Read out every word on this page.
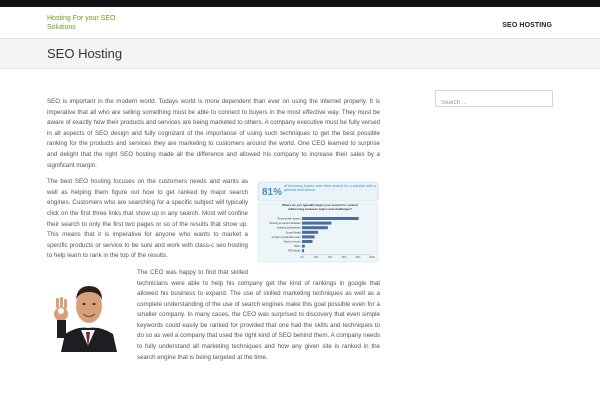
Hosting For your SEO Solutions	SEO HOSTING
SEO Hosting
Search ...

SEO is important in the modern world. Todays world is more dependent than ever on using the internet properly. It is imperative that all who are selling something must be able to connect to buyers in the most effective way. They must be aware of exactly how their products and services are being marketed to others. A company executive must be fully versed in all aspects of SEO design and fully cognizant of the importance of using such techniques to get the best possible ranking for the products and services they are marketing to customers around the world. One CEO learned to surprise and delight that the right SEO hosting made all the difference and allowed his company to increase their sales by a significant margin.

81%
of business buyers start their search for a solution with a general web search
Where do you typically begin your search for content addressing business topics and challenges?
General web search
Directly at vendor websites
Industry publications
Social Media
Content syndication sites
Word of mouth
Other
RSS feeds
0%	20%	40%	60%	80%	100%

The best SEO hosting focuses on the customers needs and wants as well as helping them figure out how to get ranked by major search engines. Customers who are searching for a specific subject will typically click on the first three links that show up in any search. Most will confine their search to only the first two pages or so of the results that show up. This means that it is imperative for anyone who wants to market a specific products or service to be sure and work with class-c seo hosting to help learn to rank in the top of the results.

The CEO was happy to find that skilled technicians were able to help his company get the kind of rankings in google that allowed his business to expand. The use of skilled marketing techniques as well as a complete understanding of the use of search engines make this goal possible even for a smaller company. In many cases, the CEO was surprised to discovery that even simple keywords could easily be ranked for provided that one had the skills and techniques to do so as well a company that used the right kind of SEO behind them. A company needs to fully understand all marketing techniques and how any given site is ranked in the search engine that is being targeted at the time.
